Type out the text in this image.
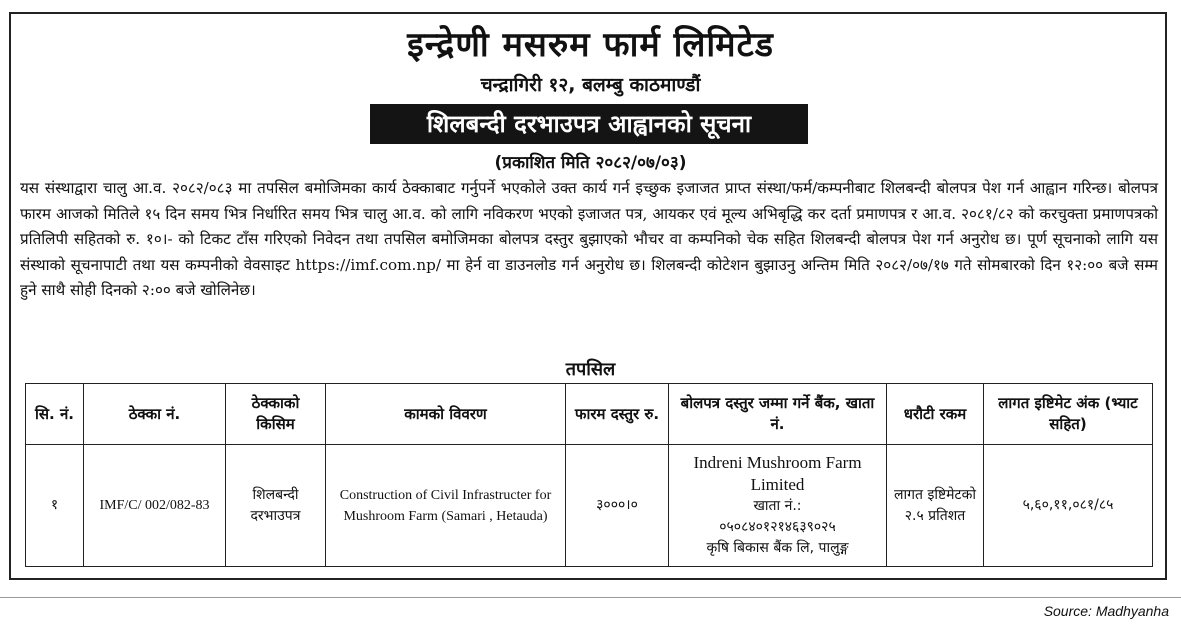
इन्द्रेणी मसरुम फार्म लिमिटेड
चन्द्रागिरी १२, बलम्बु काठमाण्डौं
शिलबन्दी दरभाउपत्र आह्वानको सूचना
(प्रकाशित मिति २०८२/०७/०३)

यस संस्थाद्वारा चालु आ.व. २०८२/०८३ मा तपसिल बमोजिमका कार्य ठेक्काबाट गर्नुपर्ने भएकोले उक्त कार्य गर्न इच्छुक इजाजत प्राप्त संस्था/फर्म/कम्पनीबाट शिलबन्दी बोलपत्र पेश गर्न आह्वान गरिन्छ। बोलपत्र फारम आजको मितिले १५ दिन समय भित्र निर्धारित समय भित्र चालु आ.व. को लागि नविकरण भएको इजाजत पत्र, आयकर एवं मूल्य अभिबृद्धि कर दर्ता प्रमाणपत्र र आ.व. २०८१/८२ को करचुक्ता प्रमाणपत्रको प्रतिलिपी सहितको रु. १०।- को टिकट टाँस गरिएको निवेदन तथा तपसिल बमोजिमका बोलपत्र दस्तुर बुझाएको भौचर वा कम्पनिको चेक सहित शिलबन्दी बोलपत्र पेश गर्न अनुरोध छ। पूर्ण सूचनाको लागि यस संस्थाको सूचनापाटी तथा यस कम्पनीको वेवसाइट https://imf.com.np/ मा हेर्न वा डाउनलोड गर्न अनुरोध छ। शिलबन्दी कोटेशन बुझाउनु अन्तिम मिति २०८२/०७/१७ गते सोमबारको दिन १२:०० बजे सम्म हुने साथै सोही दिनको २:०० बजे खोलिनेछ।

तपसिल
सि. नं.	ठेक्का नं.	ठेक्काको किसिम	कामको विवरण	फारम दस्तुर रु.	बोलपत्र दस्तुर जम्मा गर्ने बैंक, खाता नं.	धरौटी रकम	लागत इष्टिमेट अंक (भ्याट सहित)
१	IMF/C/ 002/082-83	शिलबन्दी दरभाउपत्र	Construction of Civil Infrastructer for Mushroom Farm (Samari , Hetauda)	३०००।०	Indreni Mushroom Farm Limited
खाता नं.:
०५०८४०१२१४६३९०२५
कृषि बिकास बैंक लि, पालुङ्ग	लागत इष्टिमेटको २.५ प्रतिशत	५,६०,११,०८१/८५
Source: Madhyanha
